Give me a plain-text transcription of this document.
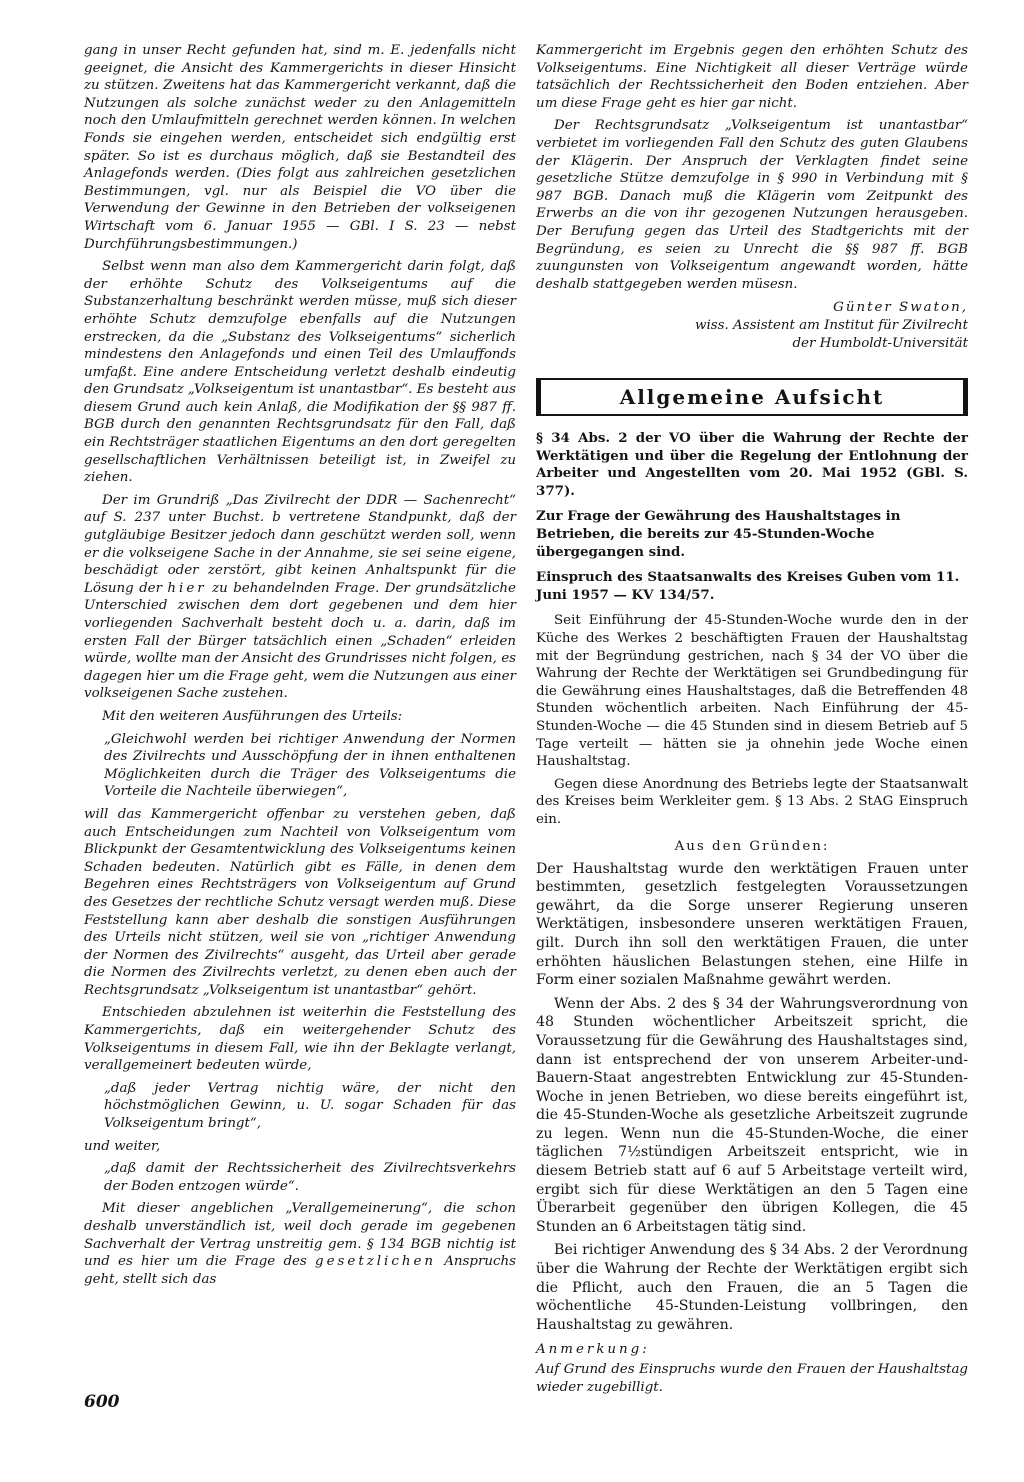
gang in unser Recht gefunden hat, sind m. E. jedenfalls nicht geeignet, die Ansicht des Kammergerichts in dieser Hinsicht zu stützen. Zweitens hat das Kammergericht verkannt, daß die Nutzungen als solche zunächst weder zu den Anlagemitteln noch den Umlaufmitteln gerechnet werden können. In welchen Fonds sie eingehen werden, entscheidet sich endgültig erst später. So ist es durchaus möglich, daß sie Bestandteil des Anlagefonds werden. (Dies folgt aus zahlreichen gesetzlichen Bestimmungen, vgl. nur als Beispiel die VO über die Verwendung der Gewinne in den Betrieben der volkseigenen Wirtschaft vom 6. Januar 1955 — GBl. I S. 23 — nebst Durchführungsbestimmungen.)

Selbst wenn man also dem Kammergericht darin folgt, daß der erhöhte Schutz des Volkseigentums auf die Substanzerhaltung beschränkt werden müsse, muß sich dieser erhöhte Schutz demzufolge ebenfalls auf die Nutzungen erstrecken, da die „Substanz des Volkseigentums“ sicherlich mindestens den Anlagefonds und einen Teil des Umlauffonds umfaßt. Eine andere Entscheidung verletzt deshalb eindeutig den Grundsatz „Volkseigentum ist unantastbar“. Es besteht aus diesem Grund auch kein Anlaß, die Modifikation der §§ 987 ff. BGB durch den genannten Rechtsgrundsatz für den Fall, daß ein Rechtsträger staatlichen Eigentums an den dort geregelten gesellschaftlichen Verhältnissen beteiligt ist, in Zweifel zu ziehen.

Der im Grundriß „Das Zivilrecht der DDR — Sachenrecht“ auf S. 237 unter Buchst. b vertretene Standpunkt, daß der gutgläubige Besitzer jedoch dann geschützt werden soll, wenn er die volkseigene Sache in der Annahme, sie sei seine eigene, beschädigt oder zerstört, gibt keinen Anhaltspunkt für die Lösung der hier zu behandelnden Frage. Der grundsätzliche Unterschied zwischen dem dort gegebenen und dem hier vorliegenden Sachverhalt besteht doch u. a. darin, daß im ersten Fall der Bürger tatsächlich einen „Schaden“ erleiden würde, wollte man der Ansicht des Grundrisses nicht folgen, es dagegen hier um die Frage geht, wem die Nutzungen aus einer volkseigenen Sache zustehen.

Mit den weiteren Ausführungen des Urteils:

„Gleichwohl werden bei richtiger Anwendung der Normen des Zivilrechts und Ausschöpfung der in ihnen enthaltenen Möglichkeiten durch die Träger des Volkseigentums die Vorteile die Nachteile überwiegen“,

will das Kammergericht offenbar zu verstehen geben, daß auch Entscheidungen zum Nachteil von Volkseigentum vom Blickpunkt der Gesamtentwicklung des Volkseigentums keinen Schaden bedeuten. Natürlich gibt es Fälle, in denen dem Begehren eines Rechtsträgers von Volkseigentum auf Grund des Gesetzes der rechtliche Schutz versagt werden muß. Diese Feststellung kann aber deshalb die sonstigen Ausführungen des Urteils nicht stützen, weil sie von „richtiger Anwendung der Normen des Zivilrechts“ ausgeht, das Urteil aber gerade die Normen des Zivilrechts verletzt, zu denen eben auch der Rechtsgrundsatz „Volkseigentum ist unantastbar“ gehört.

Entschieden abzulehnen ist weiterhin die Feststellung des Kammergerichts, daß ein weitergehender Schutz des Volkseigentums in diesem Fall, wie ihn der Beklagte verlangt, verallgemeinert bedeuten würde,

„daß jeder Vertrag nichtig wäre, der nicht den höchstmöglichen Gewinn, u. U. sogar Schaden für das Volkseigentum bringt“,

und weiter,

„daß damit der Rechtssicherheit des Zivilrechtsverkehrs der Boden entzogen würde“.

Mit dieser angeblichen „Verallgemeinerung“, die schon deshalb unverständlich ist, weil doch gerade im gegebenen Sachverhalt der Vertrag unstreitig gem. § 134 BGB nichtig ist und es hier um die Frage des gesetzlichen Anspruchs geht, stellt sich das

Kammergericht im Ergebnis gegen den erhöhten Schutz des Volkseigentums. Eine Nichtigkeit all dieser Verträge würde tatsächlich der Rechtssicherheit den Boden entziehen. Aber um diese Frage geht es hier gar nicht.

Der Rechtsgrundsatz „Volkseigentum ist unantastbar“ verbietet im vorliegenden Fall den Schutz des guten Glaubens der Klägerin. Der Anspruch der Verklagten findet seine gesetzliche Stütze demzufolge in § 990 in Verbindung mit § 987 BGB. Danach muß die Klägerin vom Zeitpunkt des Erwerbs an die von ihr gezogenen Nutzungen herausgeben. Der Berufung gegen das Urteil des Stadtgerichts mit der Begründung, es seien zu Unrecht die §§ 987 ff. BGB zuungunsten von Volkseigentum angewandt worden, hätte deshalb stattgegeben werden müsesn.

Günter Swaton,
wiss. Assistent am Institut für Zivilrecht
der Humboldt-Universität
Allgemeine Aufsicht

§ 34 Abs. 2 der VO über die Wahrung der Rechte der Werktätigen und über die Regelung der Entlohnung der Arbeiter und Angestellten vom 20. Mai 1952 (GBl. S. 377).

Zur Frage der Gewährung des Haushaltstages in Betrieben, die bereits zur 45-Stunden-Woche übergegangen sind.

Einspruch des Staatsanwalts des Kreises Guben vom 11. Juni 1957 — KV 134/57.

Seit Einführung der 45-Stunden-Woche wurde den in der Küche des Werkes 2 beschäftigten Frauen der Haushaltstag mit der Begründung gestrichen, nach § 34 der VO über die Wahrung der Rechte der Werktätigen sei Grundbedingung für die Gewährung eines Haushaltstages, daß die Betreffenden 48 Stunden wöchentlich arbeiten. Nach Einführung der 45-Stunden-Woche — die 45 Stunden sind in diesem Betrieb auf 5 Tage verteilt — hätten sie ja ohnehin jede Woche einen Haushaltstag.

Gegen diese Anordnung des Betriebs legte der Staatsanwalt des Kreises beim Werkleiter gem. § 13 Abs. 2 StAG Einspruch ein.

Aus den Gründen:

Der Haushaltstag wurde den werktätigen Frauen unter bestimmten, gesetzlich festgelegten Voraussetzungen gewährt, da die Sorge unserer Regierung unseren Werktätigen, insbesondere unseren werktätigen Frauen, gilt. Durch ihn soll den werktätigen Frauen, die unter erhöhten häuslichen Belastungen stehen, eine Hilfe in Form einer sozialen Maßnahme gewährt werden.

Wenn der Abs. 2 des § 34 der Wahrungsverordnung von 48 Stunden wöchentlicher Arbeitszeit spricht, die Voraussetzung für die Gewährung des Haushaltstages sind, dann ist entsprechend der von unserem Arbeiter-und-Bauern-Staat angestrebten Entwicklung zur 45-Stunden-Woche in jenen Betrieben, wo diese bereits eingeführt ist, die 45-Stunden-Woche als gesetzliche Arbeitszeit zugrunde zu legen. Wenn nun die 45-Stunden-Woche, die einer täglichen 7½stündigen Arbeitszeit entspricht, wie in diesem Betrieb statt auf 6 auf 5 Arbeitstage verteilt wird, ergibt sich für diese Werktätigen an den 5 Tagen eine Überarbeit gegenüber den übrigen Kollegen, die 45 Stunden an 6 Arbeitstagen tätig sind.

Bei richtiger Anwendung des § 34 Abs. 2 der Verordnung über die Wahrung der Rechte der Werktätigen ergibt sich die Pflicht, auch den Frauen, die an 5 Tagen die wöchentliche 45-Stunden-Leistung vollbringen, den Haushaltstag zu gewähren.

Anmerkung:

Auf Grund des Einspruchs wurde den Frauen der Haushaltstag wieder zugebilligt.

600
